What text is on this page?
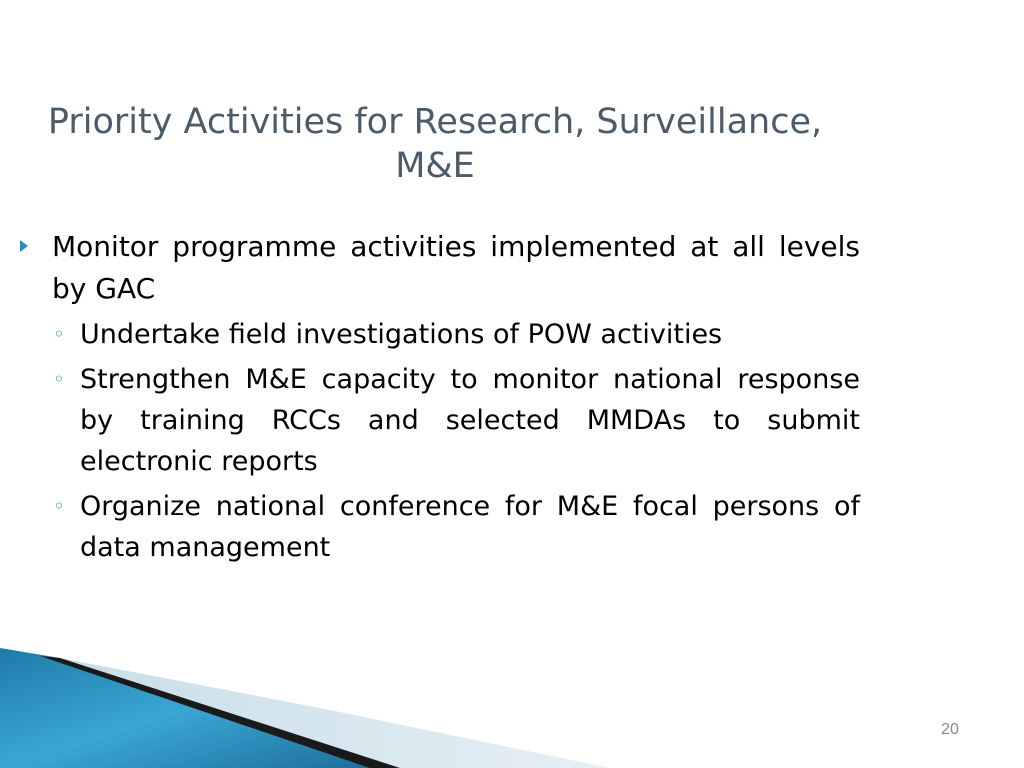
Priority Activities for Research, Surveillance,
M&E
Monitor programme activities implemented at all levels by GAC
◦ Undertake field investigations of POW activities
◦ Strengthen M&E capacity to monitor national response by training RCCs and selected MMDAs to submit electronic reports
◦ Organize national conference for M&E focal persons of data management
20
